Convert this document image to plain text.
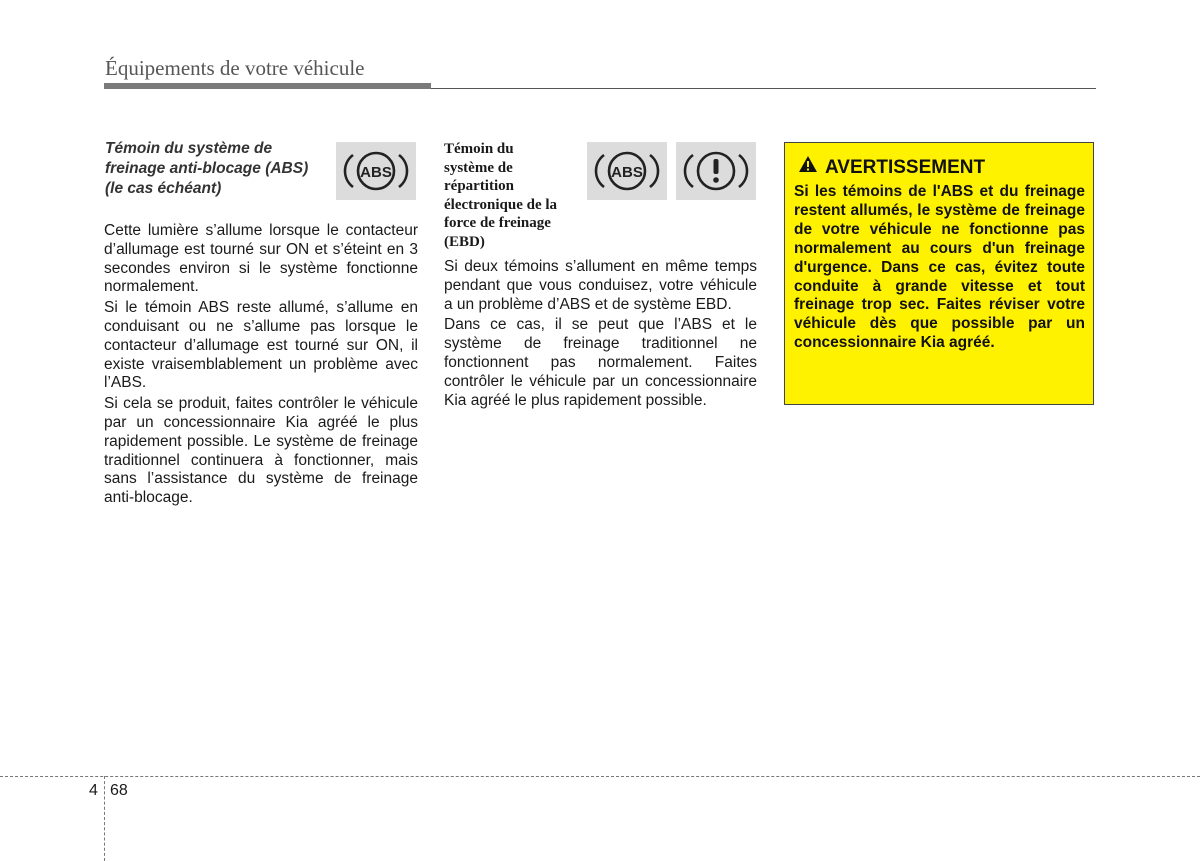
Équipements de votre véhicule
Témoin du système de
freinage anti-blocage (ABS)
(le cas échéant)
ABS

Cette lumière s’allume lorsque le contacteur d’allumage est tourné sur ON et s’éteint en 3 secondes environ si le système fonctionne normalement.

Si le témoin ABS reste allumé, s’allume en conduisant ou ne s’allume pas lorsque le contacteur d’allumage est tourné sur ON, il existe vraisemblablement un problème avec l’ABS.

Si cela se produit, faites contrôler le véhicule par un concessionnaire Kia agréé le plus rapidement possible. Le système de freinage traditionnel continuera à fonctionner, mais sans l’assistance du système de freinage anti-blocage.

Témoin du
système de
répartition
électronique de la
force de freinage (EBD)
ABS

Si deux témoins s’allument en même temps pendant que vous conduisez, votre véhicule a un problème d’ABS et de système EBD.

Dans ce cas, il se peut que l’ABS et le système de freinage traditionnel ne fonctionnent pas normalement. Faites contrôler le véhicule par un concessionnaire Kia agréé le plus rapidement possible.

AVERTISSEMENT
Si les témoins de l'ABS et du freinage restent allumés, le système de freinage de votre véhicule ne fonctionne pas normalement au cours d'un freinage d'urgence. Dans ce cas, évitez toute conduite à grande vitesse et tout freinage trop sec. Faites réviser votre véhicule dès que possible par un concessionnaire Kia agréé.
4 68
